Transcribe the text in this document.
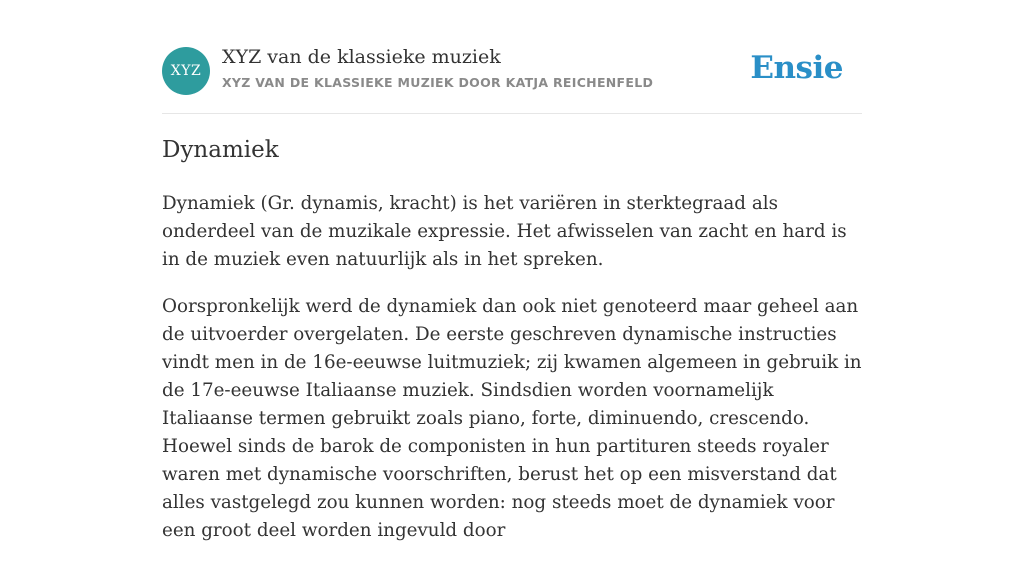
XYZ
XYZ van de klassieke muziek
XYZ VAN DE KLASSIEKE MUZIEK DOOR KATJA REICHENFELD	Ensie
Dynamiek

Dynamiek (Gr. dynamis, kracht) is het variëren in sterktegraad als onderdeel van de muzikale expressie. Het afwisselen van zacht en hard is in de muziek even natuurlijk als in het spreken.

Oorspronkelijk werd de dynamiek dan ook niet genoteerd maar geheel aan de uitvoerder overgelaten. De eerste geschreven dynamische instructies vindt men in de 16e-eeuwse luitmuziek; zij kwamen algemeen in gebruik in de 17e-eeuwse Italiaanse muziek. Sindsdien worden voornamelijk Italiaanse termen gebruikt zoals piano, forte, diminuendo, crescendo. Hoewel sinds de barok de componisten in hun partituren steeds royaler waren met dynamische voorschriften, berust het op een misverstand dat alles vastgelegd zou kunnen worden: nog steeds moet de dynamiek voor een groot deel worden ingevuld door
